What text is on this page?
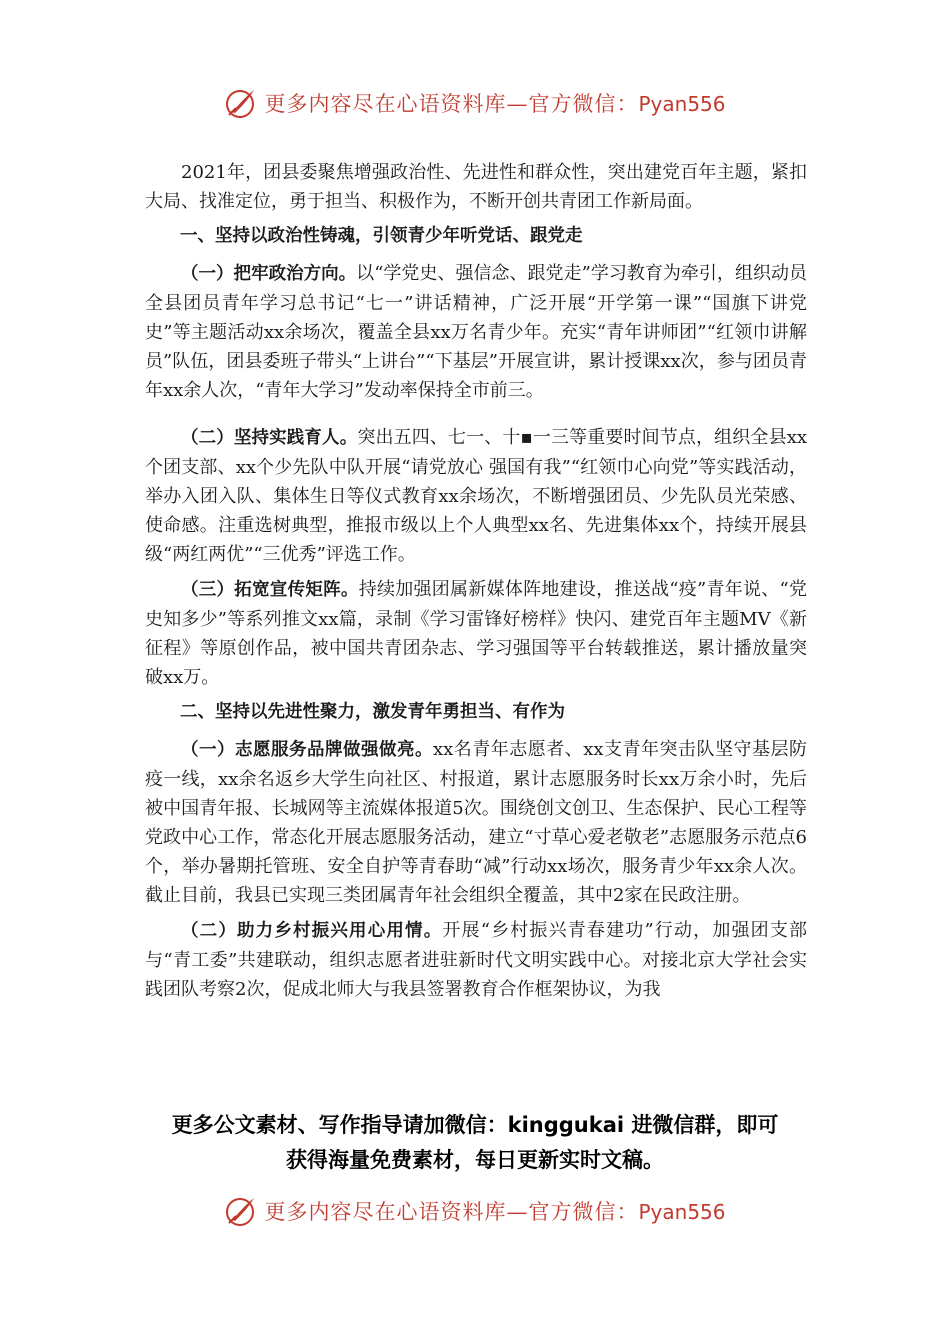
更多内容尽在心语资料库—官方微信：Pyan556

2021年，团县委聚焦增强政治性、先进性和群众性，突出建党百年主题，紧扣大局、找准定位，勇于担当、积极作为，不断开创共青团工作新局面。

一、坚持以政治性铸魂，引领青少年听党话、跟党走

（一）把牢政治方向。以“学党史、强信念、跟党走”学习教育为牵引，组织动员全县团员青年学习总书记“七一”讲话精神，广泛开展“开学第一课”“国旗下讲党史”等主题活动xx余场次，覆盖全县xx万名青少年。充实“青年讲师团”“红领巾讲解员”队伍，团县委班子带头“上讲台”“下基层”开展宣讲，累计授课xx次，参与团员青年xx余人次，“青年大学习”发动率保持全市前三。

（二）坚持实践育人。突出五四、七一、十▪一三等重要时间节点，组织全县xx个团支部、xx个少先队中队开展“请党放心 强国有我”“红领巾心向党”等实践活动，举办入团入队、集体生日等仪式教育xx余场次，不断增强团员、少先队员光荣感、使命感。注重选树典型，推报市级以上个人典型xx名、先进集体xx个，持续开展县级“两红两优”“三优秀”评选工作。

（三）拓宽宣传矩阵。持续加强团属新媒体阵地建设，推送战“疫”青年说、“党史知多少”等系列推文xx篇，录制《学习雷锋好榜样》快闪、建党百年主题MV《新征程》等原创作品，被中国共青团杂志、学习强国等平台转载推送，累计播放量突破xx万。

二、坚持以先进性聚力，激发青年勇担当、有作为

（一）志愿服务品牌做强做亮。xx名青年志愿者、xx支青年突击队坚守基层防疫一线，xx余名返乡大学生向社区、村报道，累计志愿服务时长xx万余小时，先后被中国青年报、长城网等主流媒体报道5次。围绕创文创卫、生态保护、民心工程等党政中心工作，常态化开展志愿服务活动，建立“寸草心爱老敬老”志愿服务示范点6个，举办暑期托管班、安全自护等青春助“减”行动xx场次，服务青少年xx余人次。截止目前，我县已实现三类团属青年社会组织全覆盖，其中2家在民政注册。

（二）助力乡村振兴用心用情。开展“乡村振兴青春建功”行动，加强团支部与“青工委”共建联动，组织志愿者进驻新时代文明实践中心。对接北京大学社会实践团队考察2次，促成北师大与我县签署教育合作框架协议，为我

更多公文素材、写作指导请加微信：kinggukai 进微信群，即可
获得海量免费素材，每日更新实时文稿。
更多内容尽在心语资料库—官方微信：Pyan556
